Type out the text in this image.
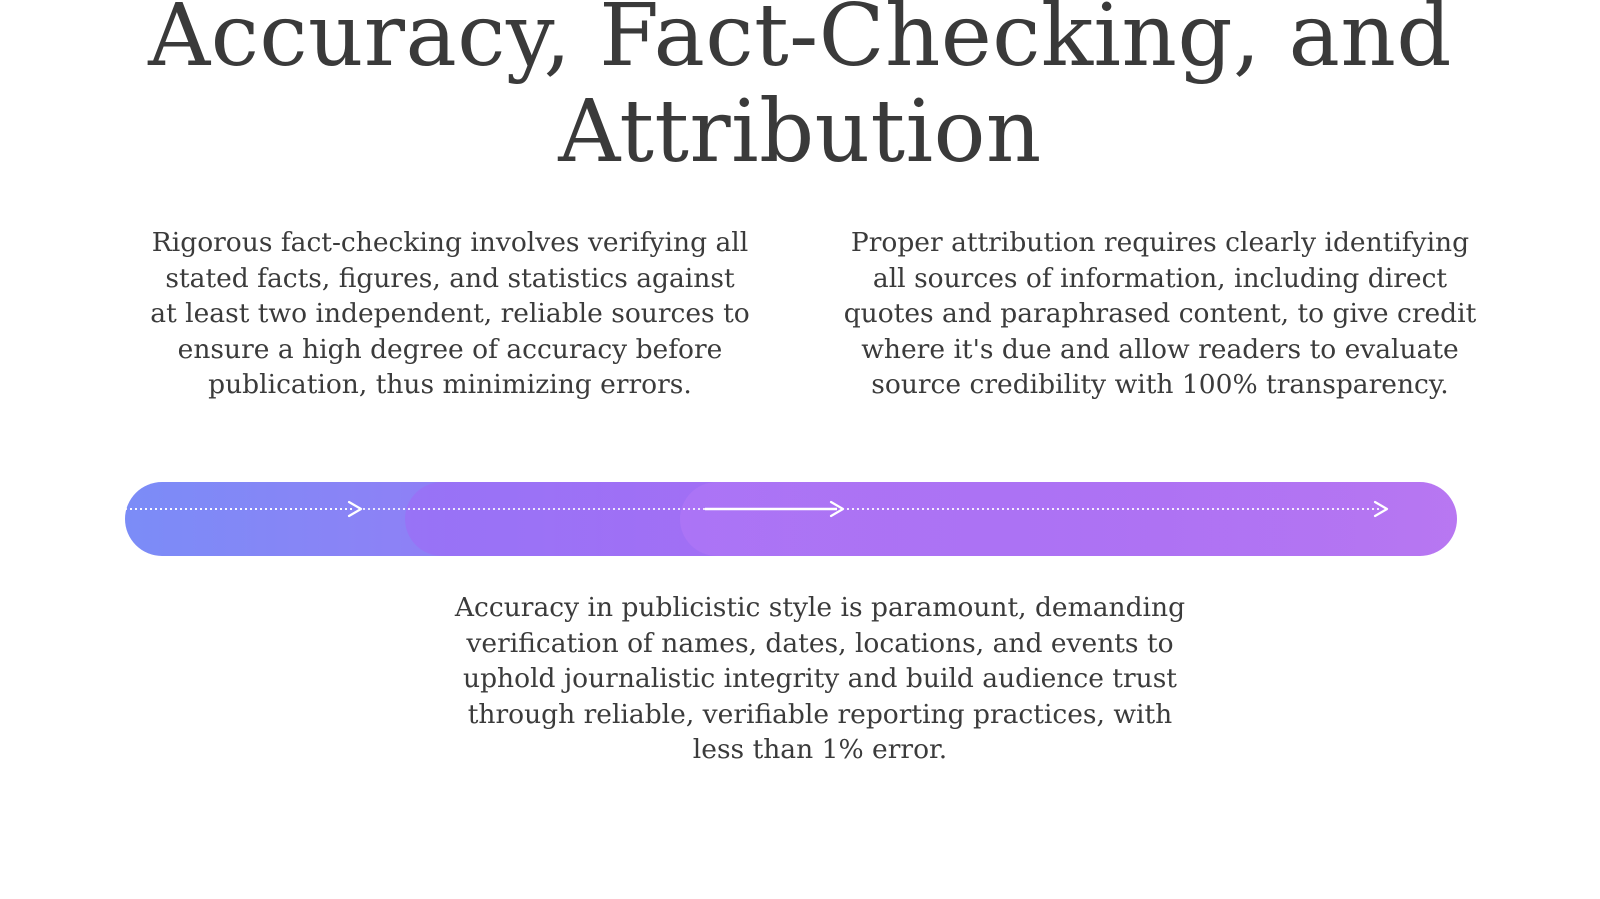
Accuracy, Fact-Checking, and Attribution

Rigorous fact-checking involves verifying all stated facts, figures, and statistics against at least two independent, reliable sources to ensure a high degree of accuracy before publication, thus minimizing errors.

Proper attribution requires clearly identifying all sources of information, including direct quotes and paraphrased content, to give credit where it's due and allow readers to evaluate source credibility with 100% transparency.

Accuracy in publicistic style is paramount, demanding verification of names, dates, locations, and events to uphold journalistic integrity and build audience trust through reliable, verifiable reporting practices, with less than 1% error.
